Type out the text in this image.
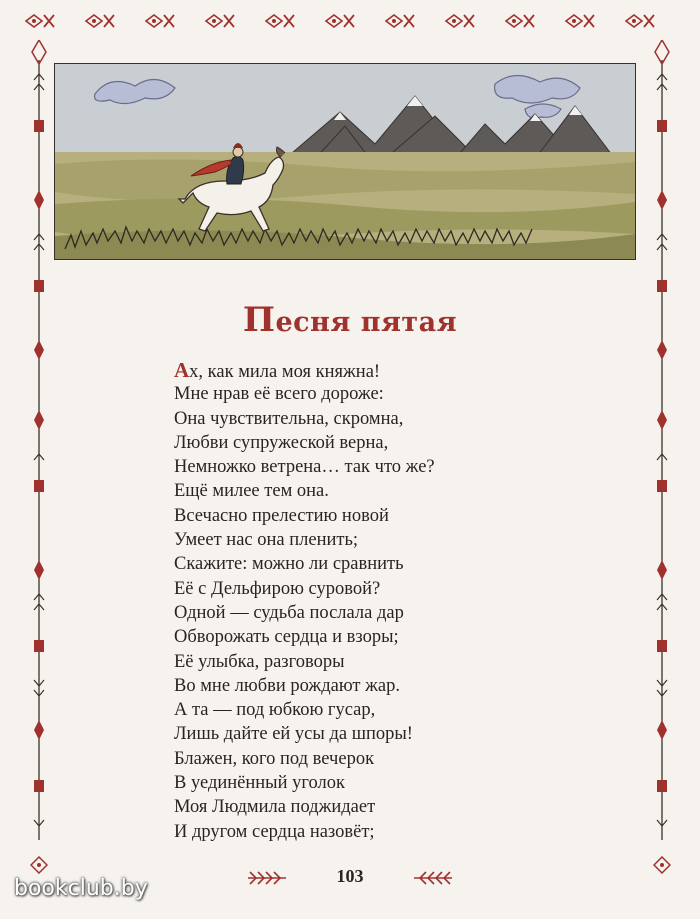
Песня пятая
Ах, как мила моя княжна!
Мне нрав её всего дороже:
Она чувствительна, скромна,
Любви супружеской верна,
Немножко ветрена… так что же?
Ещё милее тем она.
Всечасно прелестию новой
Умеет нас она пленить;
Скажите: можно ли сравнить
Её с Дельфирою суровой?
Одной — судьба послала дар
Обворожать сердца и взоры;
Её улыбка, разговоры
Во мне любви рождают жар.
А та — под юбкою гусар,
Лишь дайте ей усы да шпоры!
Блажен, кого под вечерок
В уединённый уголок
Моя Людмила поджидает
И другом сердца назовёт;
103
bookclub.by
